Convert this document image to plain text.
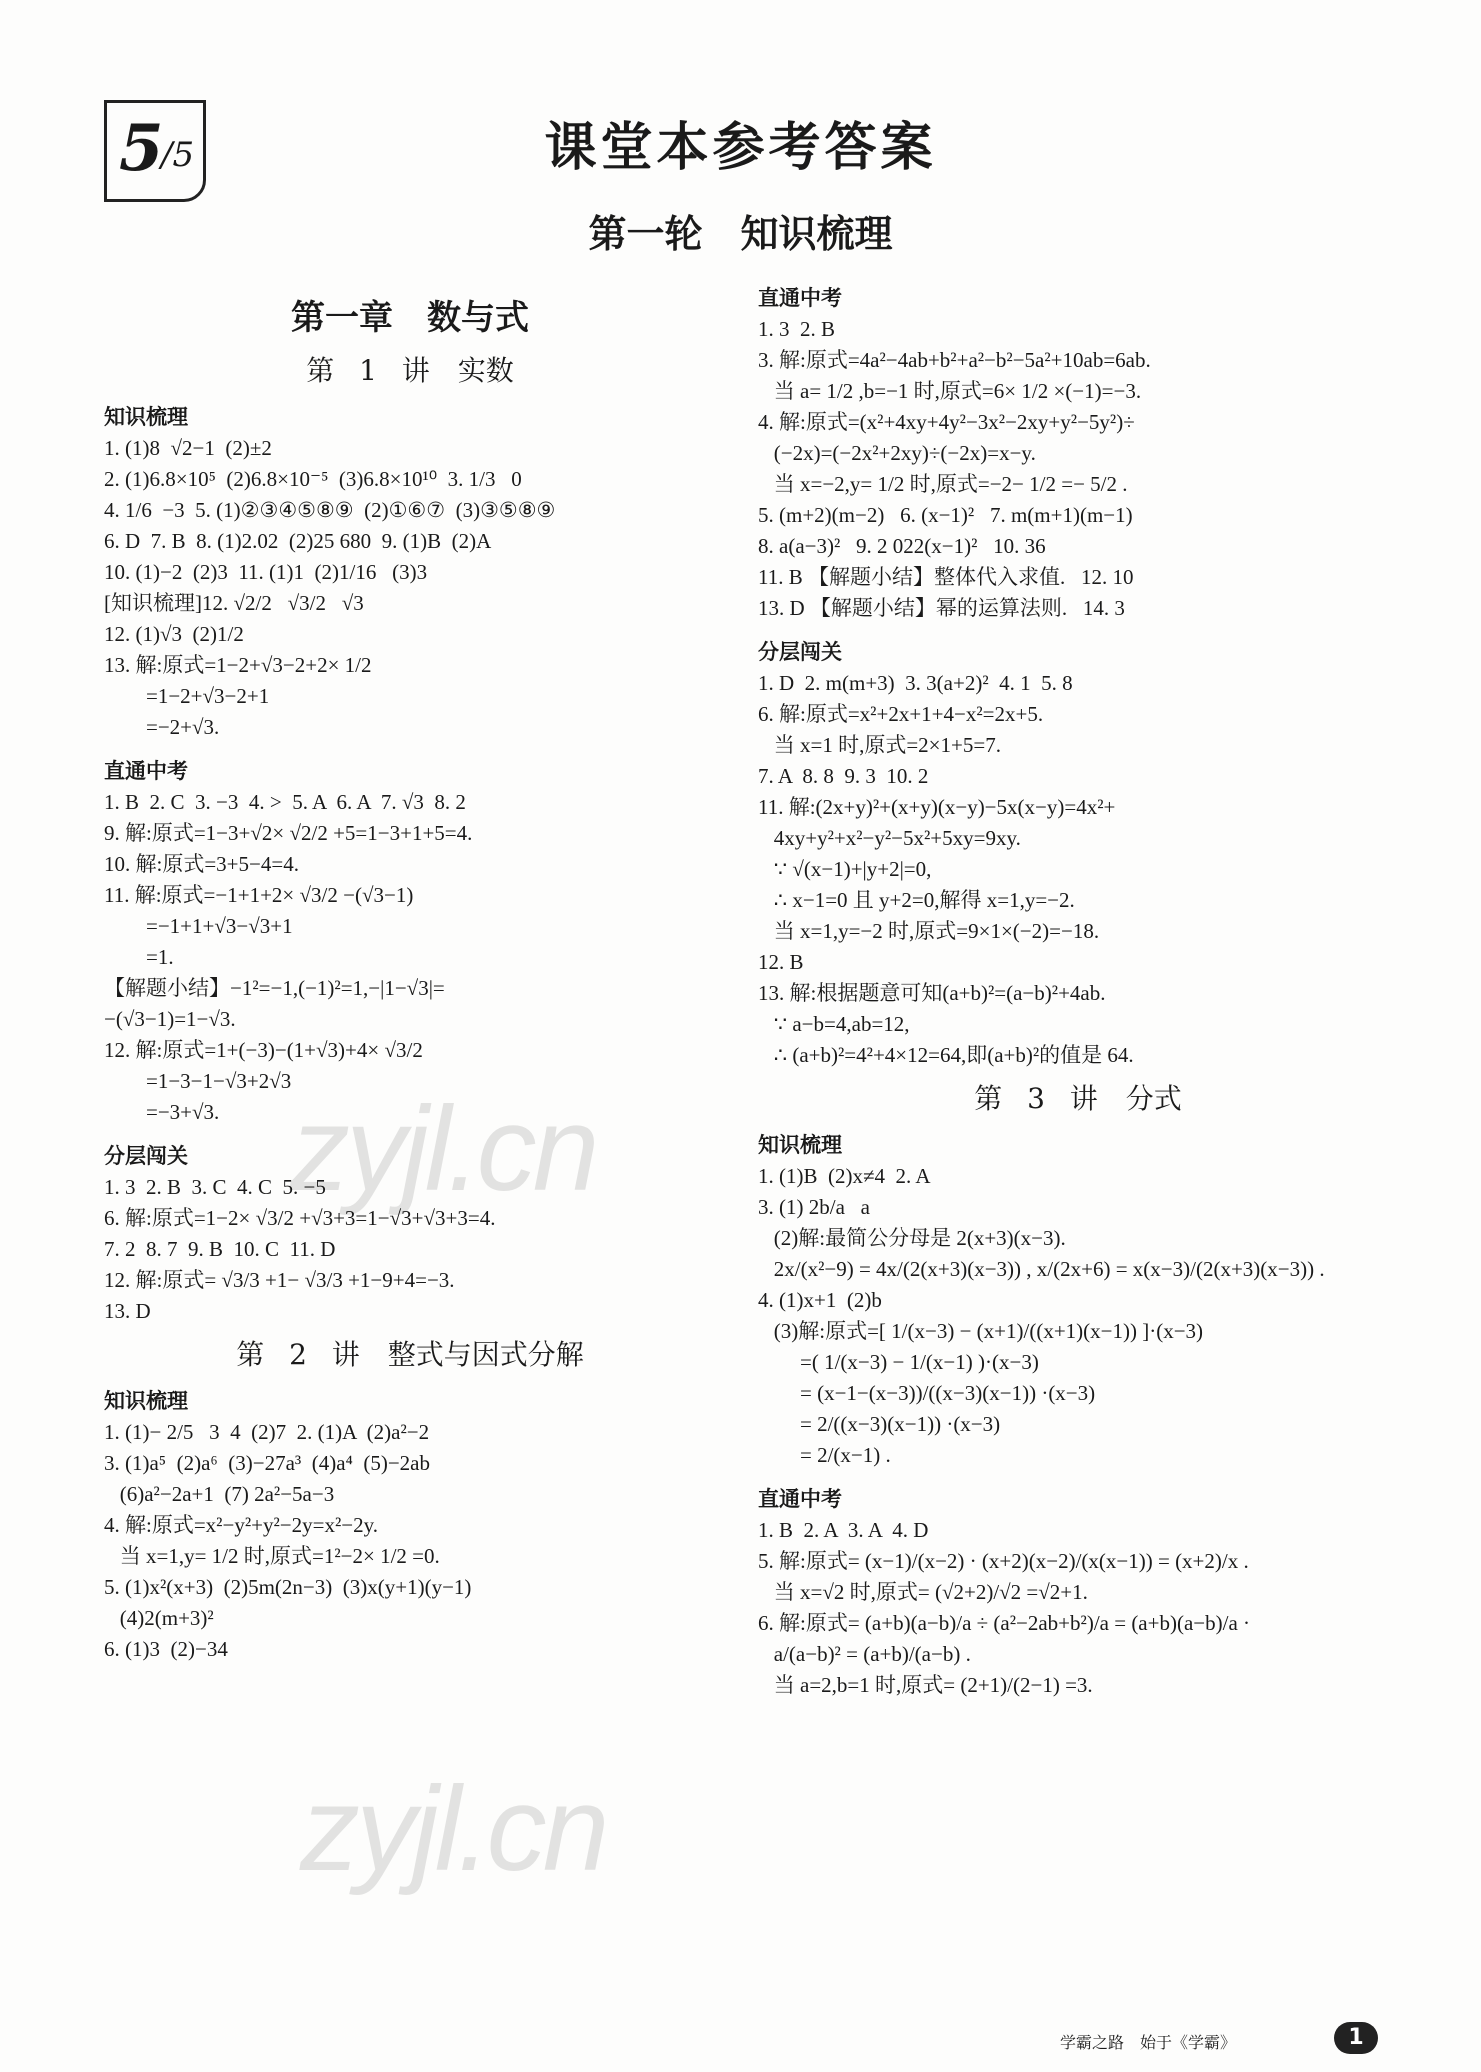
5
/5	课堂本参考答案
第一轮　知识梳理
第一章　数与式
第 1 讲　实数
知识梳理
1. (1)8  √2−1  (2)±2
2. (1)6.8×10⁵  (2)6.8×10⁻⁵  (3)6.8×10¹⁰  3. 1/3   0
4. 1/6  −3  5. (1)②③④⑤⑧⑨  (2)①⑥⑦  (3)③⑤⑧⑨
6. D  7. B  8. (1)2.02  (2)25 680  9. (1)B  (2)A
10. (1)−2  (2)3  11. (1)1  (2)1/16   (3)3
[知识梳理]12. √2/2   √3/2   √3
12. (1)√3  (2)1/2
13. 解:原式=1−2+√3−2+2× 1/2
=1−2+√3−2+1
=−2+√3.
直通中考
1. B  2. C  3. −3  4. >  5. A  6. A  7. √3  8. 2
9. 解:原式=1−3+√2× √2/2 +5=1−3+1+5=4.
10. 解:原式=3+5−4=4.
11. 解:原式=−1+1+2× √3/2 −(√3−1)
=−1+1+√3−√3+1
=1.
【解题小结】−1²=−1,(−1)²=1,−|1−√3|=
−(√3−1)=1−√3.
12. 解:原式=1+(−3)−(1+√3)+4× √3/2
=1−3−1−√3+2√3
=−3+√3.
分层闯关
1. 3  2. B  3. C  4. C  5. −5
6. 解:原式=1−2× √3/2 +√3+3=1−√3+√3+3=4.
7. 2  8. 7  9. B  10. C  11. D
12. 解:原式= √3/3 +1− √3/3 +1−9+4=−3.
13. D
第 2 讲　整式与因式分解
知识梳理
1. (1)− 2/5   3  4  (2)7  2. (1)A  (2)a²−2
3. (1)a⁵  (2)a⁶  (3)−27a³  (4)a⁴  (5)−2ab
(6)a²−2a+1  (7) 2a²−5a−3
4. 解:原式=x²−y²+y²−2y=x²−2y.
当 x=1,y= 1/2 时,原式=1²−2× 1/2 =0.
5. (1)x²(x+3)  (2)5m(2n−3)  (3)x(y+1)(y−1)
(4)2(m+3)²
6. (1)3  (2)−34
直通中考
1. 3  2. B
3. 解:原式=4a²−4ab+b²+a²−b²−5a²+10ab=6ab.
当 a= 1/2 ,b=−1 时,原式=6× 1/2 ×(−1)=−3.
4. 解:原式=(x²+4xy+4y²−3x²−2xy+y²−5y²)÷
(−2x)=(−2x²+2xy)÷(−2x)=x−y.
当 x=−2,y= 1/2 时,原式=−2− 1/2 =− 5/2 .
5. (m+2)(m−2)   6. (x−1)²   7. m(m+1)(m−1)
8. a(a−3)²   9. 2 022(x−1)²   10. 36
11. B 【解题小结】整体代入求值.   12. 10
13. D 【解题小结】幂的运算法则.   14. 3
分层闯关
1. D  2. m(m+3)  3. 3(a+2)²  4. 1  5. 8
6. 解:原式=x²+2x+1+4−x²=2x+5.
当 x=1 时,原式=2×1+5=7.
7. A  8. 8  9. 3  10. 2
11. 解:(2x+y)²+(x+y)(x−y)−5x(x−y)=4x²+
4xy+y²+x²−y²−5x²+5xy=9xy.
∵ √(x−1)+|y+2|=0,
∴ x−1=0 且 y+2=0,解得 x=1,y=−2.
当 x=1,y=−2 时,原式=9×1×(−2)=−18.
12. B
13. 解:根据题意可知(a+b)²=(a−b)²+4ab.
∵ a−b=4,ab=12,
∴ (a+b)²=4²+4×12=64,即(a+b)²的值是 64.
第 3 讲　分式
知识梳理
1. (1)B  (2)x≠4  2. A
3. (1) 2b/a   a
(2)解:最简公分母是 2(x+3)(x−3).
2x/(x²−9) = 4x/(2(x+3)(x−3)) , x/(2x+6) = x(x−3)/(2(x+3)(x−3)) .
4. (1)x+1  (2)b
(3)解:原式=[ 1/(x−3) − (x+1)/((x+1)(x−1)) ]·(x−3)
=( 1/(x−3) − 1/(x−1) )·(x−3)
= (x−1−(x−3))/((x−3)(x−1)) ·(x−3)
= 2/((x−3)(x−1)) ·(x−3)
= 2/(x−1) .
直通中考
1. B  2. A  3. A  4. D
5. 解:原式= (x−1)/(x−2) · (x+2)(x−2)/(x(x−1)) = (x+2)/x .
当 x=√2 时,原式= (√2+2)/√2 =√2+1.
6. 解:原式= (a+b)(a−b)/a ÷ (a²−2ab+b²)/a = (a+b)(a−b)/a ·
a/(a−b)² = (a+b)/(a−b) .
当 a=2,b=1 时,原式= (2+1)/(2−1) =3.
zyjl.cn
zyjl.cn
学霸之路　始于《学霸》	1
